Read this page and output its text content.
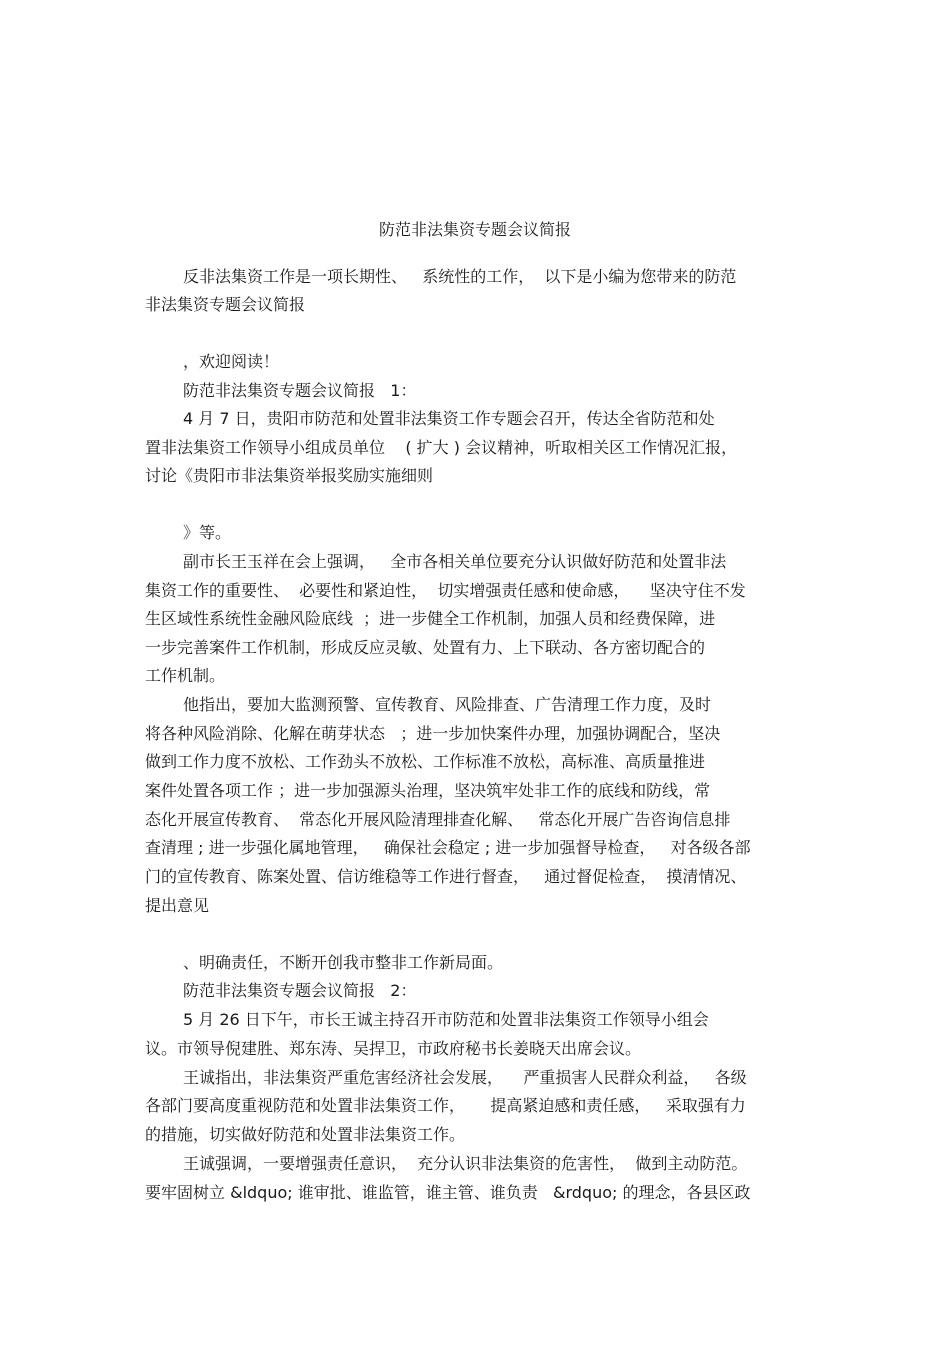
防范非法集资专题会议简报

反非法集资工作是一项长期性、   系统性的工作，  以下是小编为您带来的防范

非法集资专题会议简报

，欢迎阅读！

防范非法集资专题会议简报   1：

4 月 7 日，贵阳市防范和处置非法集资工作专题会召开，传达全省防范和处

置非法集资工作领导小组成员单位    ( 扩大 ) 会议精神，听取相关区工作情况汇报，

讨论《贵阳市非法集资举报奖励实施细则

》等。

副市长王玉祥在会上强调，   全市各相关单位要充分认识做好防范和处置非法

集资工作的重要性、  必要性和紧迫性，  切实增强责任感和使命感，    坚决守住不发

生区域性系统性金融风险底线  ；进一步健全工作机制，加强人员和经费保障，进

一步完善案件工作机制，形成反应灵敏、处置有力、上下联动、各方密切配合的

工作机制。

他指出，要加大监测预警、宣传教育、风险排查、广告清理工作力度，及时

将各种风险消除、化解在萌芽状态   ；进一步加快案件办理，加强协调配合，坚决

做到工作力度不放松、工作劲头不放松、工作标准不放松，高标准、高质量推进

案件处置各项工作 ；进一步加强源头治理，坚决筑牢处非工作的底线和防线，常

态化开展宣传教育、  常态化开展风险清理排查化解、   常态化开展广告咨询信息排

查清理 ; 进一步强化属地管理，   确保社会稳定 ; 进一步加强督导检查，   对各级各部

门的宣传教育、陈案处置、信访维稳等工作进行督查，   通过督促检查，  摸清情况、

提出意见

、明确责任，不断开创我市整非工作新局面。

防范非法集资专题会议简报   2：

5 月 26 日下午，市长王诚主持召开市防范和处置非法集资工作领导小组会

议。市领导倪建胜、郑东涛、吴捍卫，市政府秘书长姜晓天出席会议。

王诚指出，非法集资严重危害经济社会发展，    严重损害人民群众利益，   各级

各部门要高度重视防范和处置非法集资工作，     提高紧迫感和责任感，   采取强有力

的措施，切实做好防范和处置非法集资工作。

王诚强调，一要增强责任意识，  充分认识非法集资的危害性，  做到主动防范。

要牢固树立 &ldquo; 谁审批、谁监管，谁主管、谁负责   &rdquo; 的理念，各县区政
